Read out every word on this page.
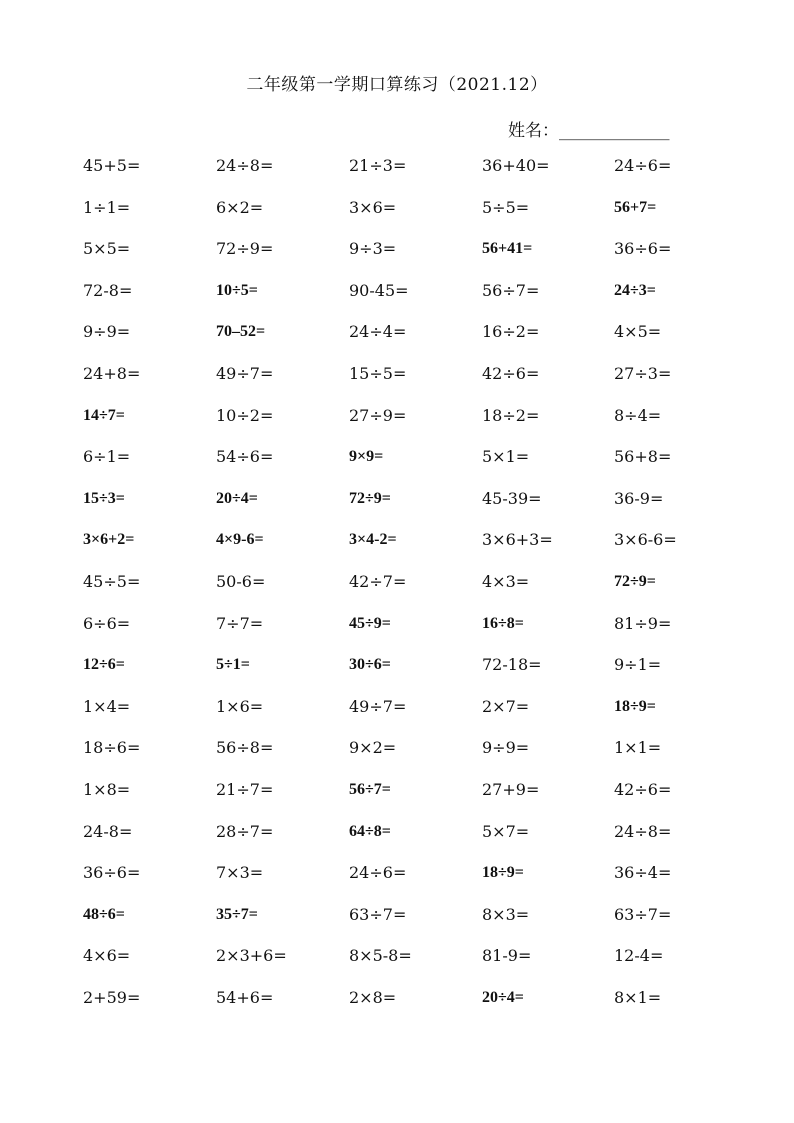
二年级第一学期口算练习（2021.12）
姓名：_____________
45+5=	24÷8=	21÷3=	36+40=	24÷6=
1÷1=	6×2=	3×6=	5÷5=	56+7=
5×5=	72÷9=	9÷3=	56+41=	36÷6=
72-8=	10÷5=	90-45=	56÷7=	24÷3=
9÷9=	70–52=	24÷4=	16÷2=	4×5=
24+8=	49÷7=	15÷5=	42÷6=	27÷3=
14÷7=	10÷2=	27÷9=	18÷2=	8÷4=
6÷1=	54÷6=	9×9=	5×1=	56+8=
15÷3=	20÷4=	72÷9=	45-39=	36-9=
3×6+2=	4×9-6=	3×4-2=	3×6+3=	3×6-6=
45÷5=	50-6=	42÷7=	4×3=	72÷9=
6÷6=	7÷7=	45÷9=	16÷8=	81÷9=
12÷6=	5÷1=	30÷6=	72-18=	9÷1=
1×4=	1×6=	49÷7=	2×7=	18÷9=
18÷6=	56÷8=	9×2=	9÷9=	1×1=
1×8=	21÷7=	56÷7=	27+9=	42÷6=
24-8=	28÷7=	64÷8=	5×7=	24÷8=
36÷6=	7×3=	24÷6=	18÷9=	36÷4=
48÷6=	35÷7=	63÷7=	8×3=	63÷7=
4×6=	2×3+6=	8×5-8=	81-9=	12-4=
2+59=	54+6=	2×8=	20÷4=	8×1=
